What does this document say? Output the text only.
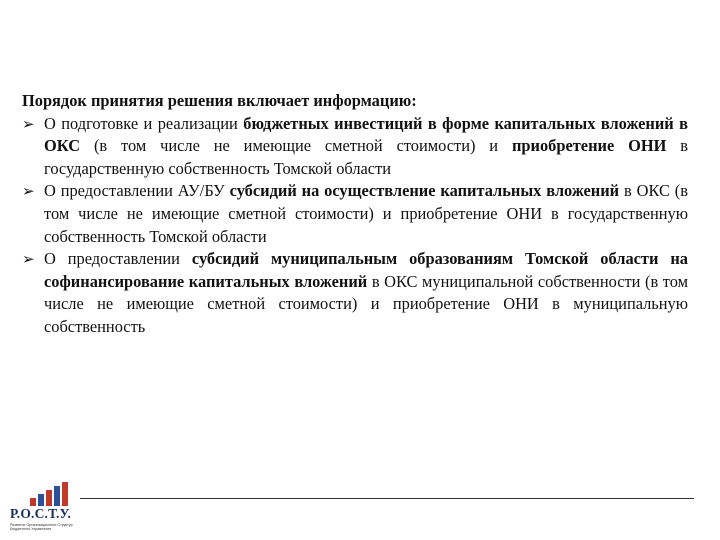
Порядок принятия решения включает информацию:

➢ О подготовке и реализации бюджетных инвестиций в форме капитальных вложений в ОКС (в том числе не имеющие сметной стоимости) и приобретение ОНИ в государственную собственность Томской области
➢ О предоставлении АУ/БУ субсидий на осуществление капитальных вложений в ОКС (в том числе не имеющие сметной стоимости) и приобретение ОНИ в государственную собственность Томской области
➢ О предоставлении субсидий муниципальным образованиям Томской области на софинансирование капитальных вложений в ОКС муниципальной собственности (в том числе не имеющие сметной стоимости) и приобретение ОНИ в муниципальную собственность
Р.О.С.Т.У.
Развитие Организационных Структур Бюджетного Управления
